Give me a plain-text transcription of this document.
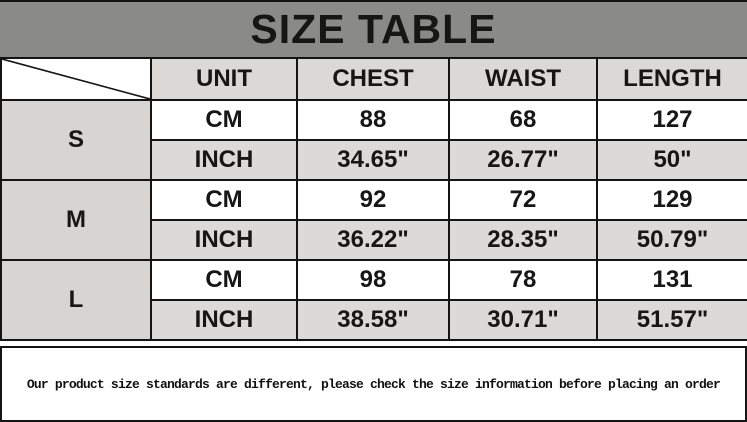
SIZE TABLE
	UNIT	CHEST	WAIST	LENGTH
S	CM	88	68	127
	INCH	34.65"	26.77"	50"
M	CM	92	72	129
	INCH	36.22"	28.35"	50.79"
L	CM	98	78	131
	INCH	38.58"	30.71"	51.57"
Our product size standards are different, please check the size information before placing an order
